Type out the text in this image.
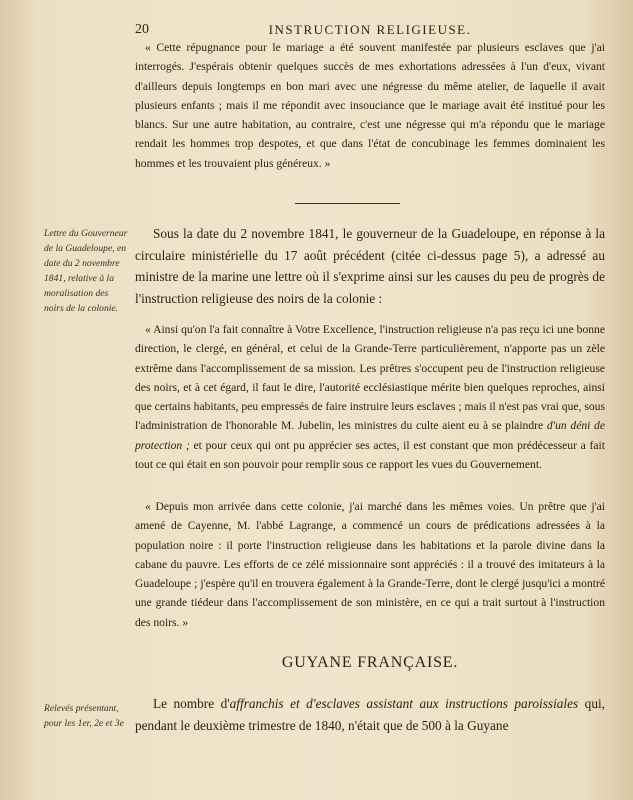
20	INSTRUCTION RELIGIEUSE.

« Cette répugnance pour le mariage a été souvent manifestée par plusieurs esclaves que j'ai interrogés. J'espérais obtenir quelques succès de mes exhortations adressées à l'un d'eux, vivant d'ailleurs depuis longtemps en bon mari avec une négresse du même atelier, de laquelle il avait plusieurs enfants ; mais il me répondit avec insouciance que le mariage avait été institué pour les blancs. Sur une autre habitation, au contraire, c'est une négresse qui m'a répondu que le mariage rendait les hommes trop despotes, et que dans l'état de concubinage les femmes dominaient les hommes et les trouvaient plus généreux. »

Lettre du Gouverneur de la Guadeloupe, en date du 2 novembre 1841, relative à la moralisation des noirs de la colonie.

Sous la date du 2 novembre 1841, le gouverneur de la Guadeloupe, en réponse à la circulaire ministérielle du 17 août précédent (citée ci-dessus page 5), a adressé au ministre de la marine une lettre où il s'exprime ainsi sur les causes du peu de progrès de l'instruction religieuse des noirs de la colonie :

« Ainsi qu'on l'a fait connaître à Votre Excellence, l'instruction religieuse n'a pas reçu ici une bonne direction, le clergé, en général, et celui de la Grande-Terre particulièrement, n'apporte pas un zèle extrême dans l'accomplissement de sa mission. Les prêtres s'occupent peu de l'instruction religieuse des noirs, et à cet égard, il faut le dire, l'autorité ecclésiastique mérite bien quelques reproches, ainsi que certains habitants, peu empressés de faire instruire leurs esclaves ; mais il n'est pas vrai que, sous l'administration de l'honorable M. Jubelin, les ministres du culte aient eu à se plaindre d'un déni de protection ; et pour ceux qui ont pu apprécier ses actes, il est constant que mon prédécesseur a fait tout ce qui était en son pouvoir pour remplir sous ce rapport les vues du Gouvernement.

« Depuis mon arrivée dans cette colonie, j'ai marché dans les mêmes voies. Un prêtre que j'ai amené de Cayenne, M. l'abbé Lagrange, a commencé un cours de prédications adressées à la population noire : il porte l'instruction religieuse dans les habitations et la parole divine dans la cabane du pauvre. Les efforts de ce zélé missionnaire sont appréciés : il a trouvé des imitateurs à la Guadeloupe ; j'espère qu'il en trouvera également à la Grande-Terre, dont le clergé jusqu'ici a montré une grande tiédeur dans l'accomplissement de son ministère, en ce qui a trait surtout à l'instruction des noirs. »

GUYANE FRANÇAISE.
Relevés présentant, pour les 1er, 2e et 3e

Le nombre d'affranchis et d'esclaves assistant aux instructions paroissiales qui, pendant le deuxième trimestre de 1840, n'était que de 500 à la Guyane
